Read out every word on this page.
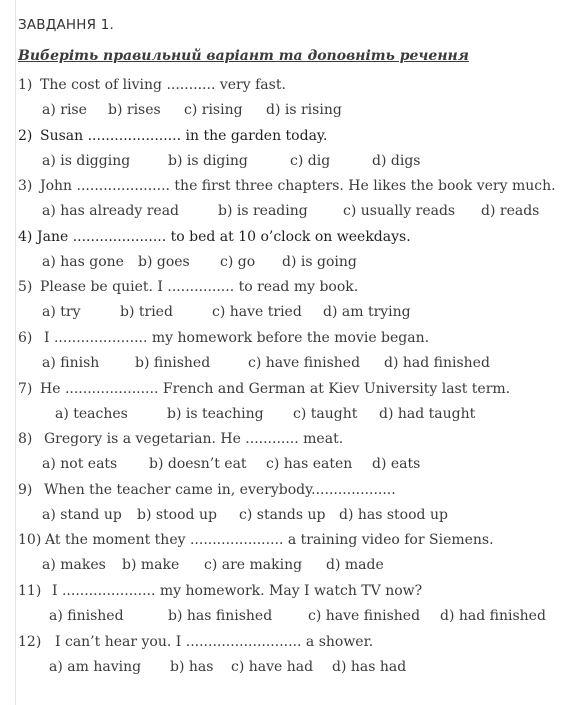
ЗАВДАННЯ 1.
Виберіть правильний варіант та доповніть речення
1) The cost of living ........... very fast.
a) rise b) rises c) rising d) is rising
2) Susan ..................... in the garden today.
a) is digging	b) is diging	c) dig	d) digs
3) John ..................... the first three chapters. He likes the book very much.
a) has already read	b) is reading	c) usually reads d) reads
4) Jane ..................... to bed at 10 o’clock on weekdays.
a) has gone b) goes c) go d) is going
5) Please be quiet. I ............... to read my book.
a) try	b) tried	c) have tried d) am trying
6) I ..................... my homework before the movie began.
a) finish	b) finished	c) have finished d) had finished
7) He ..................... French and German at Kiev University last term.
a) teaches	b) is teaching c) taught d) had taught
8) Gregory is a vegetarian. He ............ meat.
a) not eats b) doesn’t eat c) has eaten d) eats
9) When the teacher came in, everybody...................
a) stand up b) stood up c) stands up d) has stood up
10) At the moment they ..................... a training video for Siemens.
a) makes b) make c) are making d) made
11) I ..................... my homework. May I watch TV now?
a) finished	b) has finished	c) have finished d) had finished
12) I can’t hear you. I .......................... a shower.
a) am having b) has c) have had d) has had
